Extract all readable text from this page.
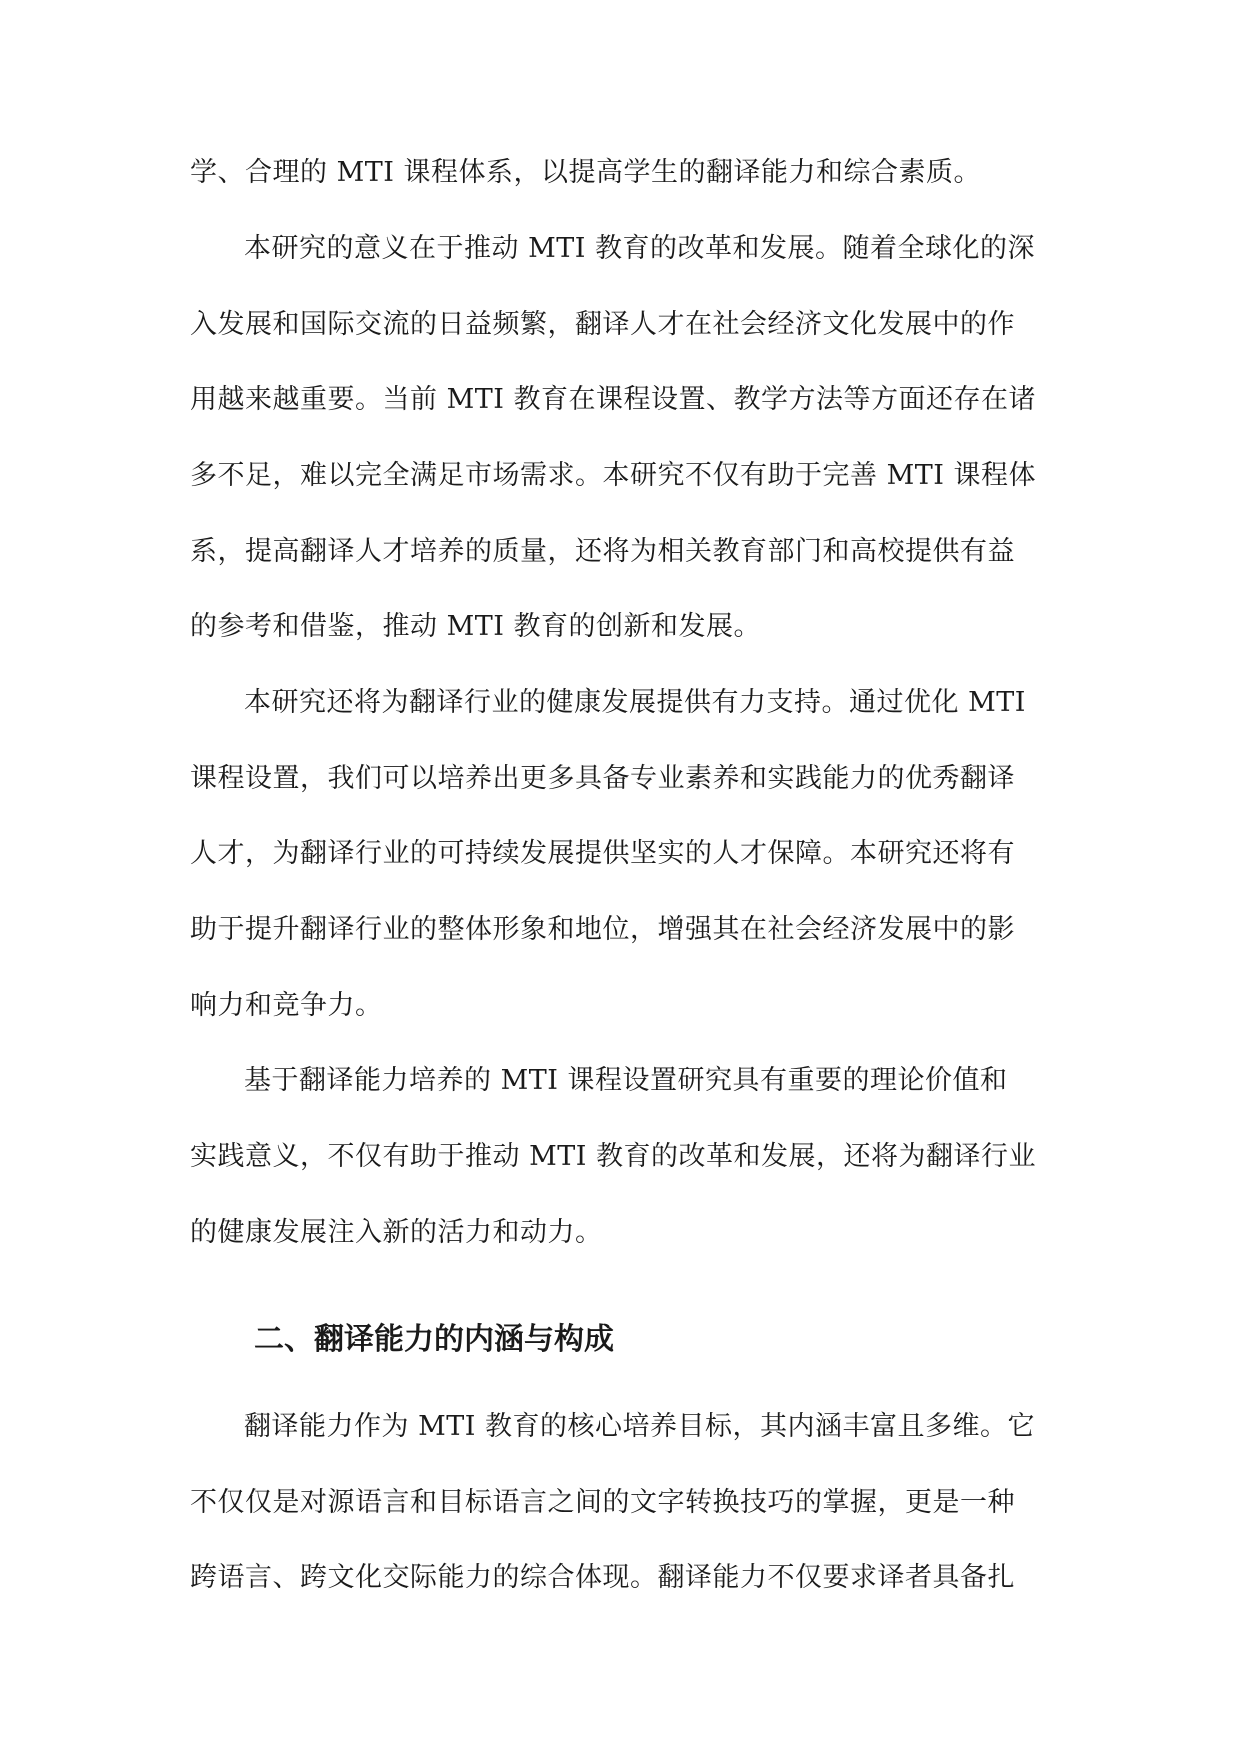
学、合理的 MTI 课程体系，以提高学生的翻译能力和综合素质。
本研究的意义在于推动 MTI 教育的改革和发展。随着全球化的深
入发展和国际交流的日益频繁，翻译人才在社会经济文化发展中的作
用越来越重要。当前 MTI 教育在课程设置、教学方法等方面还存在诸
多不足，难以完全满足市场需求。本研究不仅有助于完善 MTI 课程体
系，提高翻译人才培养的质量，还将为相关教育部门和高校提供有益
的参考和借鉴，推动 MTI 教育的创新和发展。
本研究还将为翻译行业的健康发展提供有力支持。通过优化 MTI
课程设置，我们可以培养出更多具备专业素养和实践能力的优秀翻译
人才，为翻译行业的可持续发展提供坚实的人才保障。本研究还将有
助于提升翻译行业的整体形象和地位，增强其在社会经济发展中的影
响力和竞争力。
基于翻译能力培养的 MTI 课程设置研究具有重要的理论价值和
实践意义，不仅有助于推动 MTI 教育的改革和发展，还将为翻译行业
的健康发展注入新的活力和动力。
二、翻译能力的内涵与构成
翻译能力作为 MTI 教育的核心培养目标，其内涵丰富且多维。它
不仅仅是对源语言和目标语言之间的文字转换技巧的掌握，更是一种
跨语言、跨文化交际能力的综合体现。翻译能力不仅要求译者具备扎
